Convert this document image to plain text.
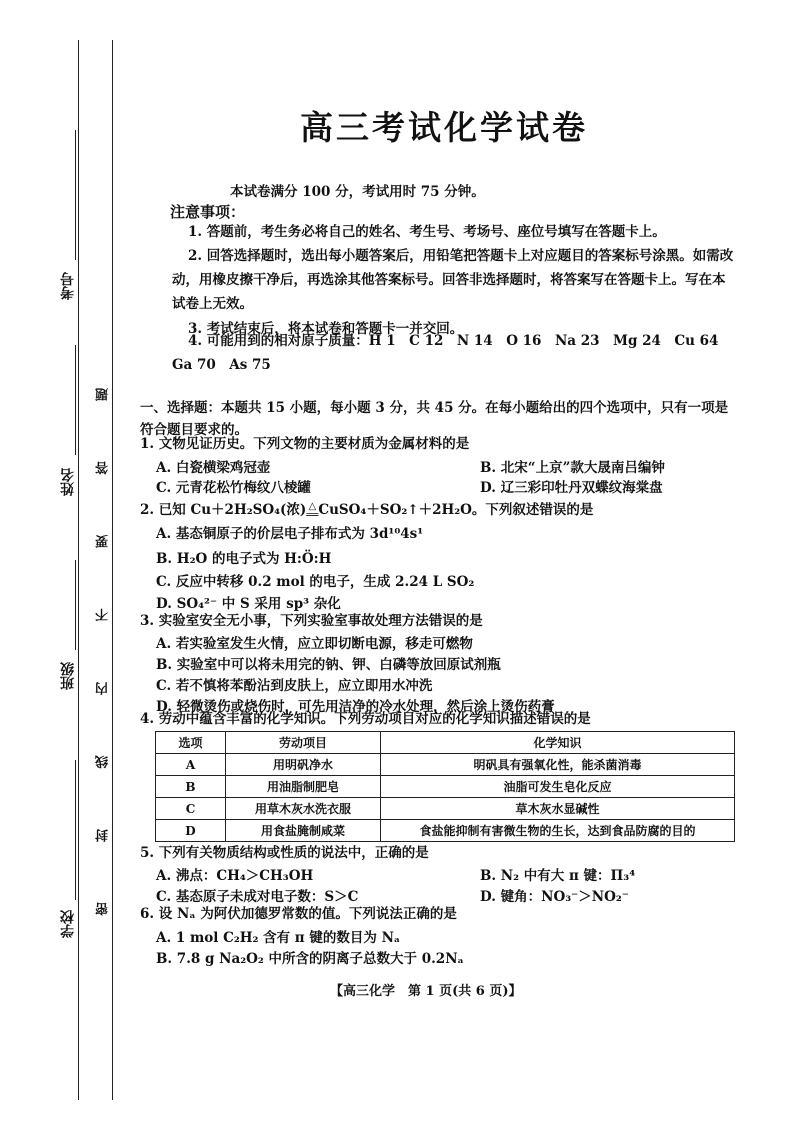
考号
姓名
班级
学校
密 封 线 内 不 要 答 题
高三考试化学试卷
本试卷满分 100 分，考试用时 75 分钟。
注意事项：
1. 答题前，考生务必将自己的姓名、考生号、考场号、座位号填写在答题卡上。
2. 回答选择题时，选出每小题答案后，用铅笔把答题卡上对应题目的答案标号涂黑。如需改动，用橡皮擦干净后，再选涂其他答案标号。回答非选择题时，将答案写在答题卡上。写在本试卷上无效。
3. 考试结束后，将本试卷和答题卡一并交回。
4. 可能用到的相对原子质量：H 1　C 12　N 14　O 16　Na 23　Mg 24　Cu 64 Ga 70　As 75
一、选择题：本题共 15 小题，每小题 3 分，共 45 分。在每小题给出的四个选项中，只有一项是符合题目要求的。
1. 文物见证历史。下列文物的主要材质为金属材料的是
A. 白瓷横梁鸡冠壶	B. 北宋“上京”款大晟南吕编钟
C. 元青花松竹梅纹八棱罐	D. 辽三彩印牡丹双蝶纹海棠盘
2. 已知 Cu＋2H₂SO₄(浓) △
══CuSO₄＋SO₂↑＋2H₂O。下列叙述错误的是
A. 基态铜原子的价层电子排布式为 3d¹⁰4s¹
B. H₂O 的电子式为 H:Ö:H
C. 反应中转移 0.2 mol 的电子，生成 2.24 L SO₂
D. SO₄²⁻ 中 S 采用 sp³ 杂化
3. 实验室安全无小事，下列实验室事故处理方法错误的是
A. 若实验室发生火情，应立即切断电源，移走可燃物
B. 实验室中可以将未用完的钠、钾、白磷等放回原试剂瓶
C. 若不慎将苯酚沾到皮肤上，应立即用水冲洗
D. 轻微烫伤或烧伤时，可先用洁净的冷水处理，然后涂上烫伤药膏
4. 劳动中蕴含丰富的化学知识。下列劳动项目对应的化学知识描述错误的是
选项	劳动项目	化学知识
A	用明矾净水	明矾具有强氧化性，能杀菌消毒
B	用油脂制肥皂	油脂可发生皂化反应
C	用草木灰水洗衣服	草木灰水显碱性
D	用食盐腌制咸菜	食盐能抑制有害微生物的生长，达到食品防腐的目的
5. 下列有关物质结构或性质的说法中，正确的是
A. 沸点：CH₄＞CH₃OH	B. N₂ 中有大 π 键：Π₃⁴
C. 基态原子未成对电子数：S＞C	D. 键角：NO₃⁻＞NO₂⁻
6. 设 Nₐ 为阿伏加德罗常数的值。下列说法正确的是
A. 1 mol C₂H₂ 含有 π 键的数目为 Nₐ
B. 7.8 g Na₂O₂ 中所含的阴离子总数大于 0.2Nₐ
【高三化学　第 1 页(共 6 页)】
